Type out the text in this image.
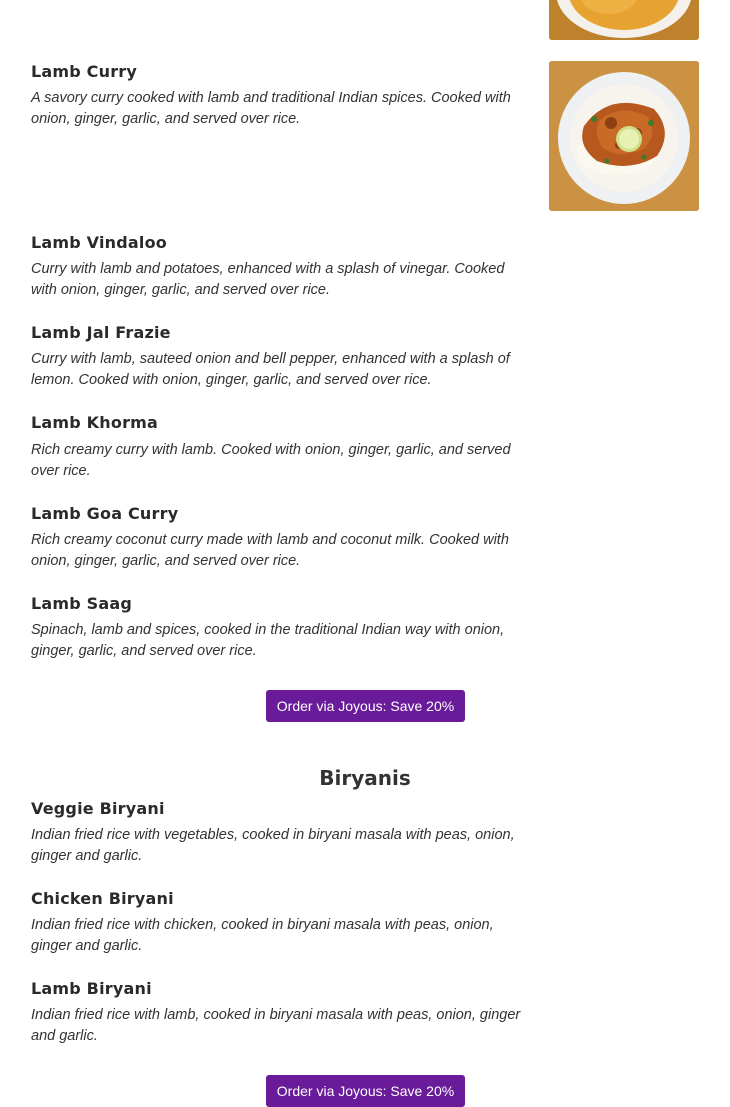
Lamb Curry
A savory curry cooked with lamb and traditional Indian spices. Cooked with onion, ginger, garlic, and served over rice.
Lamb Vindaloo
Curry with lamb and potatoes, enhanced with a splash of vinegar. Cooked with onion, ginger, garlic, and served over rice.
Lamb Jal Frazie
Curry with lamb, sauteed onion and bell pepper, enhanced with a splash of lemon. Cooked with onion, ginger, garlic, and served over rice.
Lamb Khorma
Rich creamy curry with lamb. Cooked with onion, ginger, garlic, and served over rice.
Lamb Goa Curry
Rich creamy coconut curry made with lamb and coconut milk. Cooked with onion, ginger, garlic, and served over rice.
Lamb Saag
Spinach, lamb and spices, cooked in the traditional Indian way with onion, ginger, garlic, and served over rice.
Order via Joyous: Save 20%
Biryanis
Veggie Biryani
Indian fried rice with vegetables, cooked in biryani masala with peas, onion, ginger and garlic.
Chicken Biryani
Indian fried rice with chicken, cooked in biryani masala with peas, onion, ginger and garlic.
Lamb Biryani
Indian fried rice with lamb, cooked in biryani masala with peas, onion, ginger and garlic.
Order via Joyous: Save 20%
